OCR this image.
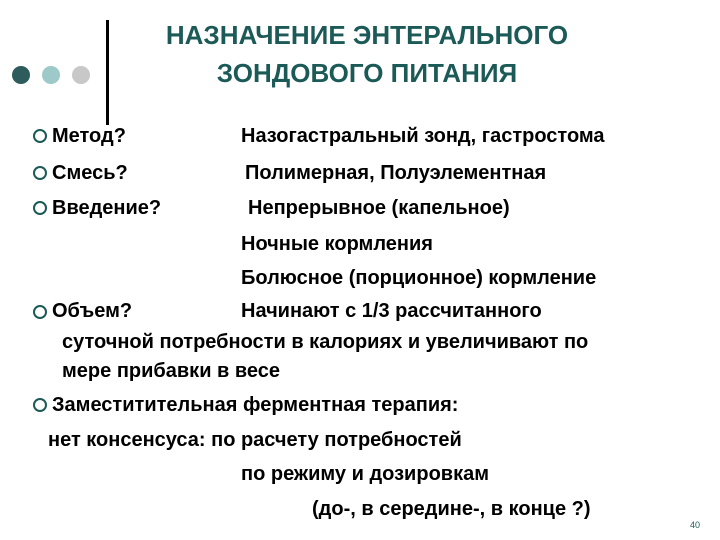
НАЗНАЧЕНИЕ ЭНТЕРАЛЬНОГО
ЗОНДОВОГО ПИТАНИЯ
Метод?	Назогастральный зонд, гастростома
Смесь?	Полимерная, Полуэлементная
Введение?	Непрерывное (капельное)
Ночные кормления
Болюсное (порционное) кормление
Объем?	Начинают с 1/3 рассчитанного
суточной потребности в калориях и увеличивают по
мере прибавки в весе
Заместитительная ферментная терапия:
нет консенсуса: по расчету потребностей
по режиму и дозировкам
(до-, в середине-, в конце ?)
40
